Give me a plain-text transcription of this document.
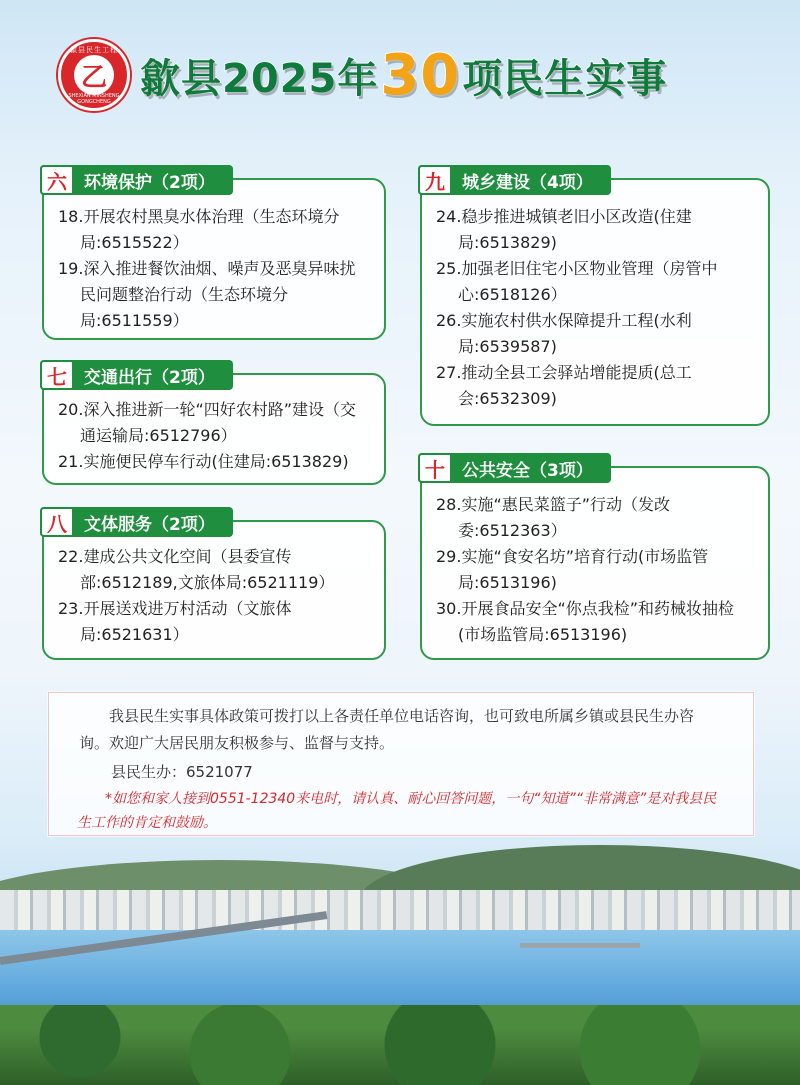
歙县民生工程
乙
SHEXIAN MINSHENG GONGCHENG
歙县2025年 30 项民生实事
六	环境保护（2项）
18.开展农村黑臭水体治理（生态环境分局:6515522）
19.深入推进餐饮油烟、噪声及恶臭异味扰民问题整治行动（生态环境分局:6511559）
七	交通出行（2项）
20.深入推进新一轮“四好农村路”建设（交通运输局:6512796）
21.实施便民停车行动(住建局:6513829)
八	文体服务（2项）
22.建成公共文化空间（县委宣传部:6512189,文旅体局:6521119）
23.开展送戏进万村活动（文旅体局:6521631）
九	城乡建设（4项）
24.稳步推进城镇老旧小区改造(住建局:6513829)
25.加强老旧住宅小区物业管理（房管中心:6518126）
26.实施农村供水保障提升工程(水利局:6539587)
27.推动全县工会驿站增能提质(总工会:6532309)
十	公共安全（3项）
28.实施“惠民菜篮子”行动（发改委:6512363）
29.实施“食安名坊”培育行动(市场监管局:6513196)
30.开展食品安全“你点我检”和药械妆抽检(市场监管局:6513196)

我县民生实事具体政策可拨打以上各责任单位电话咨询，也可致电所属乡镇或县民生办咨询。欢迎广大居民朋友积极参与、监督与支持。

县民生办：6521077

*如您和家人接到0551-12340来电时，请认真、耐心回答问题，一句“知道”“非常满意”是对我县民生工作的肯定和鼓励。
